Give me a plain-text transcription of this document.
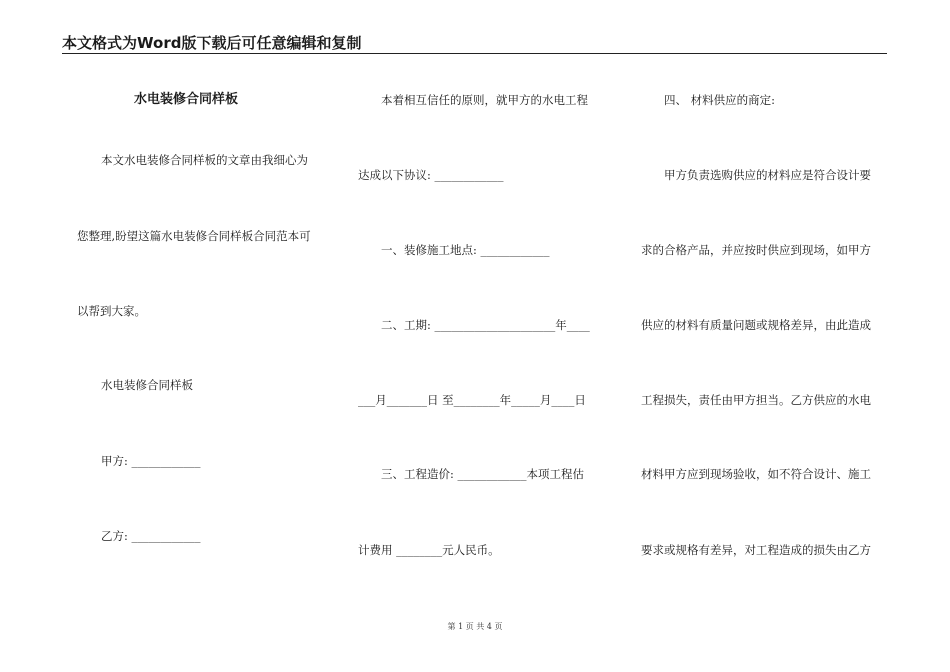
本文格式为Word版下载后可任意编辑和复制
水电装修合同样板
本文水电装修合同样板的文章由我细心为
您整理,盼望这篇水电装修合同样板合同范本可
以帮到大家。
水电装修合同样板
甲方: ____________
乙方: ____________
本着相互信任的原则，就甲方的水电工程
达成以下协议: ____________
一、装修施工地点: ____________
二、工期: _____________________年____
___月_______日 至________年_____月____日
三、工程造价: ____________本项工程估
计费用 ________元人民币。
四、 材料供应的商定:
甲方负责选购供应的材料应是符合设计要
求的合格产品，并应按时供应到现场，如甲方
供应的材料有质量问题或规格差异，由此造成
工程损失，责任由甲方担当。乙方供应的水电
材料甲方应到现场验收，如不符合设计、施工
要求或规格有差异，对工程造成的损失由乙方
第 1 页 共 4 页
